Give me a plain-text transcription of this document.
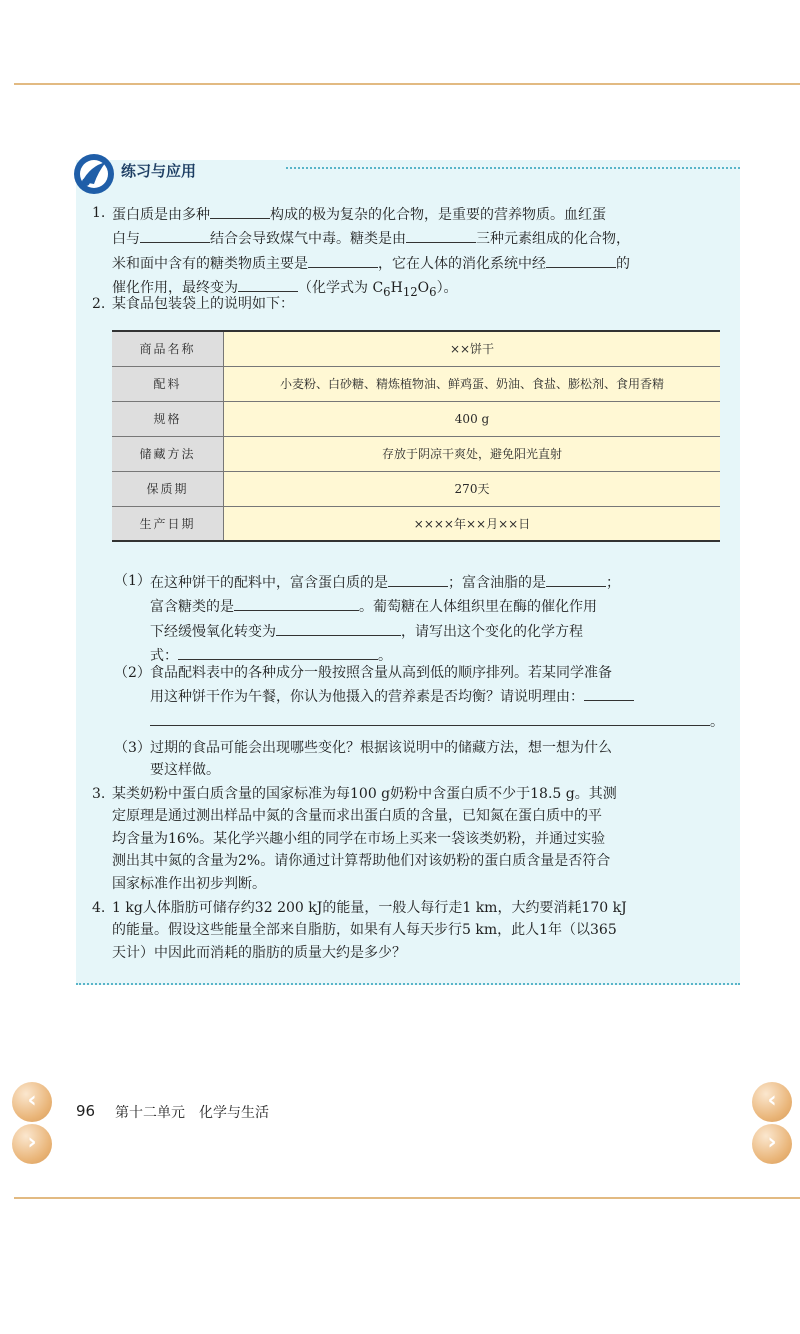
练习与应用
1. 蛋白质是由多种	构成的极为复杂的化合物，是重要的营养物质。血红蛋
白与	结合会导致煤气中毒。糖类是由	三种元素组成的化合物，
米和面中含有的糖类物质主要是	，它在人体的消化系统中经	的
催化作用，最终变为	（化学式为 $C_6H_{12}O_6$）。
2. 某食品包装袋上的说明如下：
商品名称	××饼干
配料	小麦粉、白砂糖、精炼植物油、鲜鸡蛋、奶油、食盐、膨松剂、食用香精
规格	400 g
储藏方法	存放于阴凉干爽处，避免阳光直射
保质期	270天
生产日期	××××年××月××日
（1） 在这种饼干的配料中，富含蛋白质的是	；富含油脂的是	；
富含糖类的是	。葡萄糖在人体组织里在酶的催化作用
下经缓慢氧化转变为	，请写出这个变化的化学方程
式：	。
（2） 食品配料表中的各种成分一般按照含量从高到低的顺序排列。若某同学准备
用这种饼干作为午餐，你认为他摄入的营养素是否均衡？请说明理由：
。
（3） 过期的食品可能会出现哪些变化？根据该说明中的储藏方法，想一想为什么
要这样做。
3. 某类奶粉中蛋白质含量的国家标准为每100 g奶粉中含蛋白质不少于18.5 g。其测
定原理是通过测出样品中氮的含量而求出蛋白质的含量，已知氮在蛋白质中的平
均含量为16%。某化学兴趣小组的同学在市场上买来一袋该类奶粉，并通过实验
测出其中氮的含量为2%。请你通过计算帮助他们对该奶粉的蛋白质含量是否符合
国家标准作出初步判断。
4. 1 kg人体脂肪可储存约32 200 kJ的能量，一般人每行走1 km，大约要消耗170 kJ
的能量。假设这些能量全部来自脂肪，如果有人每天步行5 km，此人1年（以365
天计）中因此而消耗的脂肪的质量大约是多少？
96 第十二单元　化学与生活
‹
›
‹
›
